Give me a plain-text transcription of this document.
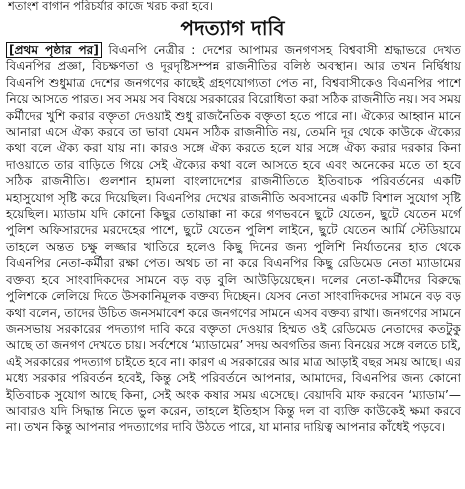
শতাংশ বাগান পরিচর্যার কাজে খরচ করা হবে।
পদত্যাগ দাবি
[প্রথম পৃষ্ঠার পর] বিএনপি নেত্রীর : দেশের আপামর জনগণসহ বিশ্ববাসী শ্রদ্ধাভরে দেখত বিএনপির প্রজ্ঞা, বিচক্ষণতা ও দূরদৃষ্টিসম্পন্ন রাজনীতির বলিষ্ঠ অবস্থান। আর তখন নির্দ্বিধায় বিএনপি শুধুমাত্র দেশের জনগণের কাছেই গ্রহণযোগ্যতা পেত না, বিশ্ববাসীকেও বিএনপির পাশে নিয়ে আসতে পারত। সব সময় সব বিষয়ে সরকারের বিরোধিতা করা সঠিক রাজনীতি নয়। সব সময় কর্মীদের খুশি করার বক্তৃতা দেওয়াই শুধু রাজনৈতিক বক্তৃতা হতে পারে না। ঐক্যের আহ্বান মানে আনারা এসে ঐক্য করবে তা ভাবা যেমন সঠিক রাজনীতি নয়, তেমনি দূর থেকে কাউকে ঐক্যের কথা বলে ঐক্য করা যায় না। কারও সঙ্গে ঐক্য করতে হলে যার সঙ্গে ঐক্য করার দরকার কিনা দাওয়াতে তার বাড়িতে গিয়ে সেই ঐক্যের কথা বলে আসতে হবে এবং অনেকের মতে তা হবে সঠিক রাজনীতি। গুলশান হামলা বাংলাদেশের রাজনীতিতে ইতিবাচক পরিবর্তনের একটি মহাসুযোগ সৃষ্টি করে দিয়েছিল। বিএনপির দেখের রাজনীতি অবসানের একটি বিশাল সুযোগ সৃষ্টি হয়েছিল। ম্যাডাম যদি কোনো কিছুর তোয়াক্কা না করে গণভবনে ছুটে যেতেন, ছুটে যেতেন মর্গে পুলিশ অফিসারদের মরদেহের পাশে, ছুটে যেতেন পুলিশ লাইনে, ছুটে যেতেন আর্মি স্টেডিয়ামে তাহলে অন্তত চক্ষু লজ্জার খাতিরে হলেও কিছু দিনের জন্য পুলিশি নির্যাতনের হাত থেকে বিএনপির নেতা-কর্মীরা রক্ষা পেত। অথচ তা না করে বিএনপির কিছু রেডিমেড নেতা ম্যাডামের বক্তব্য হবে সাংবাদিকদের সামনে বড় বড় বুলি আউড়িয়েছেন। দলের নেতা-কর্মীদের বিরুদ্ধে পুলিশকে লেলিয়ে দিতে উসকানিমূলক বক্তব্য দিচ্ছেন। যেসব নেতা সাংবাদিকদের সামনে বড় বড় কথা বলেন, তাদের উচিত জনসমাবেশ করে জনগণের সামনে এসব বক্তব্য রাখা। জনগণের সামনে জনসভায় সরকারের পদত্যাগ দাবি করে বক্তৃতা দেওয়ার হিম্মত ওই রেডিমেড নেতাদের কতটুকু আছে তা জনগণ দেখতে চায়। সর্বশেষে ‘ম্যাডামের’ সদয় অবগতির জন্য বিনয়ের সঙ্গে বলতে চাই, এই সরকারের পদত্যাগ চাইতে হবে না। কারণ এ সরকারের আর মাত্র আড়াই বছর সময় আছে। এর মধ্যে সরকার পরিবর্তন হবেই, কিন্তু সেই পরিবর্তনে আপনার, আমাদের, বিএনপির জন্য কোনো ইতিবাচক সুযোগ আছে কিনা, সেই অংক কষার সময় এসেছে। বেয়াদবি মাফ করবেন ‘ম্যাডাম’— আবারও যদি সিদ্ধান্ত নিতে ভুল করেন, তাহলে ইতিহাস কিন্তু দল বা ব্যক্তি কাউকেই ক্ষমা করবে না। তখন কিন্তু আপনার পদত্যাগের দাবি উঠতে পারে, যা মানার দায়িত্ব আপনার কাঁধেই পড়বে।
